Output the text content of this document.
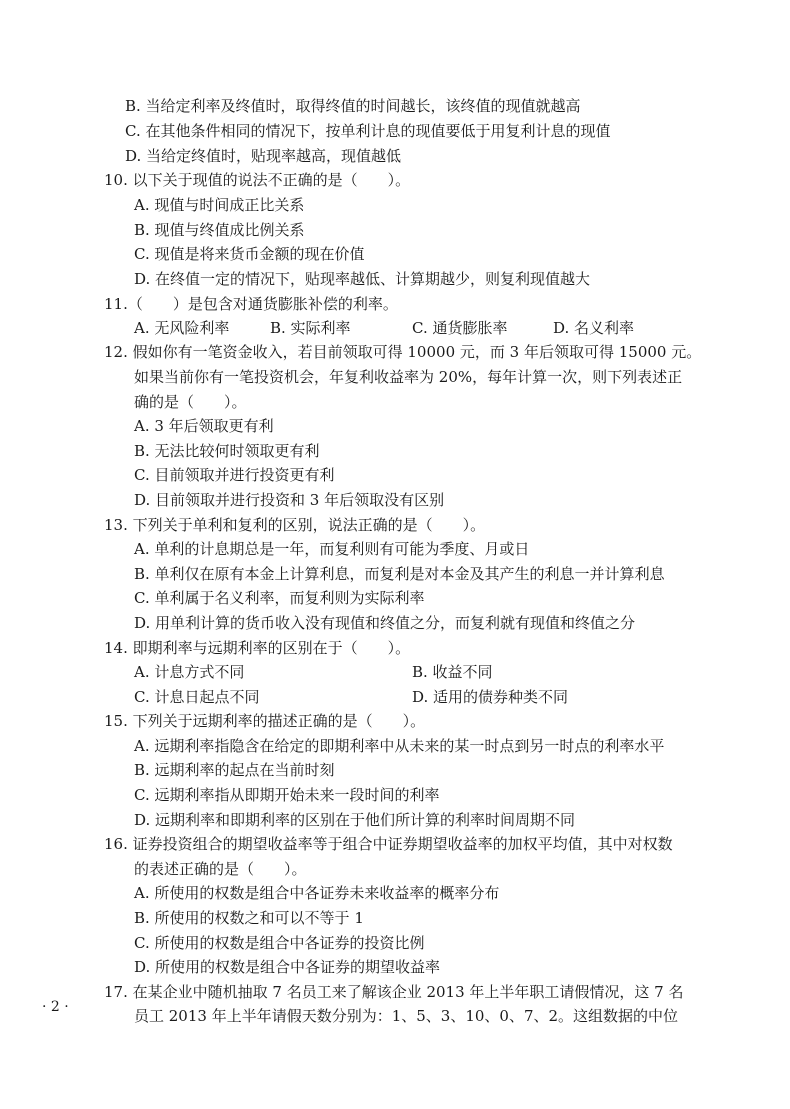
B. 当给定利率及终值时，取得终值的时间越长，该终值的现值就越高
C. 在其他条件相同的情况下，按单利计息的现值要低于用复利计息的现值
D. 当给定终值时，贴现率越高，现值越低
10. 以下关于现值的说法不正确的是（　　）。
A. 现值与时间成正比关系
B. 现值与终值成比例关系
C. 现值是将来货币金额的现在价值
D. 在终值一定的情况下，贴现率越低、计算期越少，则复利现值越大
11.（　　）是包含对通货膨胀补偿的利率。
A. 无风险利率	B. 实际利率	C. 通货膨胀率	D. 名义利率
12. 假如你有一笔资金收入，若目前领取可得 10000 元，而 3 年后领取可得 15000 元。
如果当前你有一笔投资机会，年复利收益率为 20%，每年计算一次，则下列表述正
确的是（　　）。
A. 3 年后领取更有利
B. 无法比较何时领取更有利
C. 目前领取并进行投资更有利
D. 目前领取并进行投资和 3 年后领取没有区别
13. 下列关于单利和复利的区别，说法正确的是（　　）。
A. 单利的计息期总是一年，而复利则有可能为季度、月或日
B. 单利仅在原有本金上计算利息，而复利是对本金及其产生的利息一并计算利息
C. 单利属于名义利率，而复利则为实际利率
D. 用单利计算的货币收入没有现值和终值之分，而复利就有现值和终值之分
14. 即期利率与远期利率的区别在于（　　）。
A. 计息方式不同	B. 收益不同
C. 计息日起点不同	D. 适用的债券种类不同
15. 下列关于远期利率的描述正确的是（　　）。
A. 远期利率指隐含在给定的即期利率中从未来的某一时点到另一时点的利率水平
B. 远期利率的起点在当前时刻
C. 远期利率指从即期开始未来一段时间的利率
D. 远期利率和即期利率的区别在于他们所计算的利率时间周期不同
16. 证券投资组合的期望收益率等于组合中证券期望收益率的加权平均值，其中对权数
的表述正确的是（　　）。
A. 所使用的权数是组合中各证券未来收益率的概率分布
B. 所使用的权数之和可以不等于 1
C. 所使用的权数是组合中各证券的投资比例
D. 所使用的权数是组合中各证券的期望收益率
17. 在某企业中随机抽取 7 名员工来了解该企业 2013 年上半年职工请假情况，这 7 名
员工 2013 年上半年请假天数分别为：1、5、3、10、0、7、2。这组数据的中位
· 2 ·
